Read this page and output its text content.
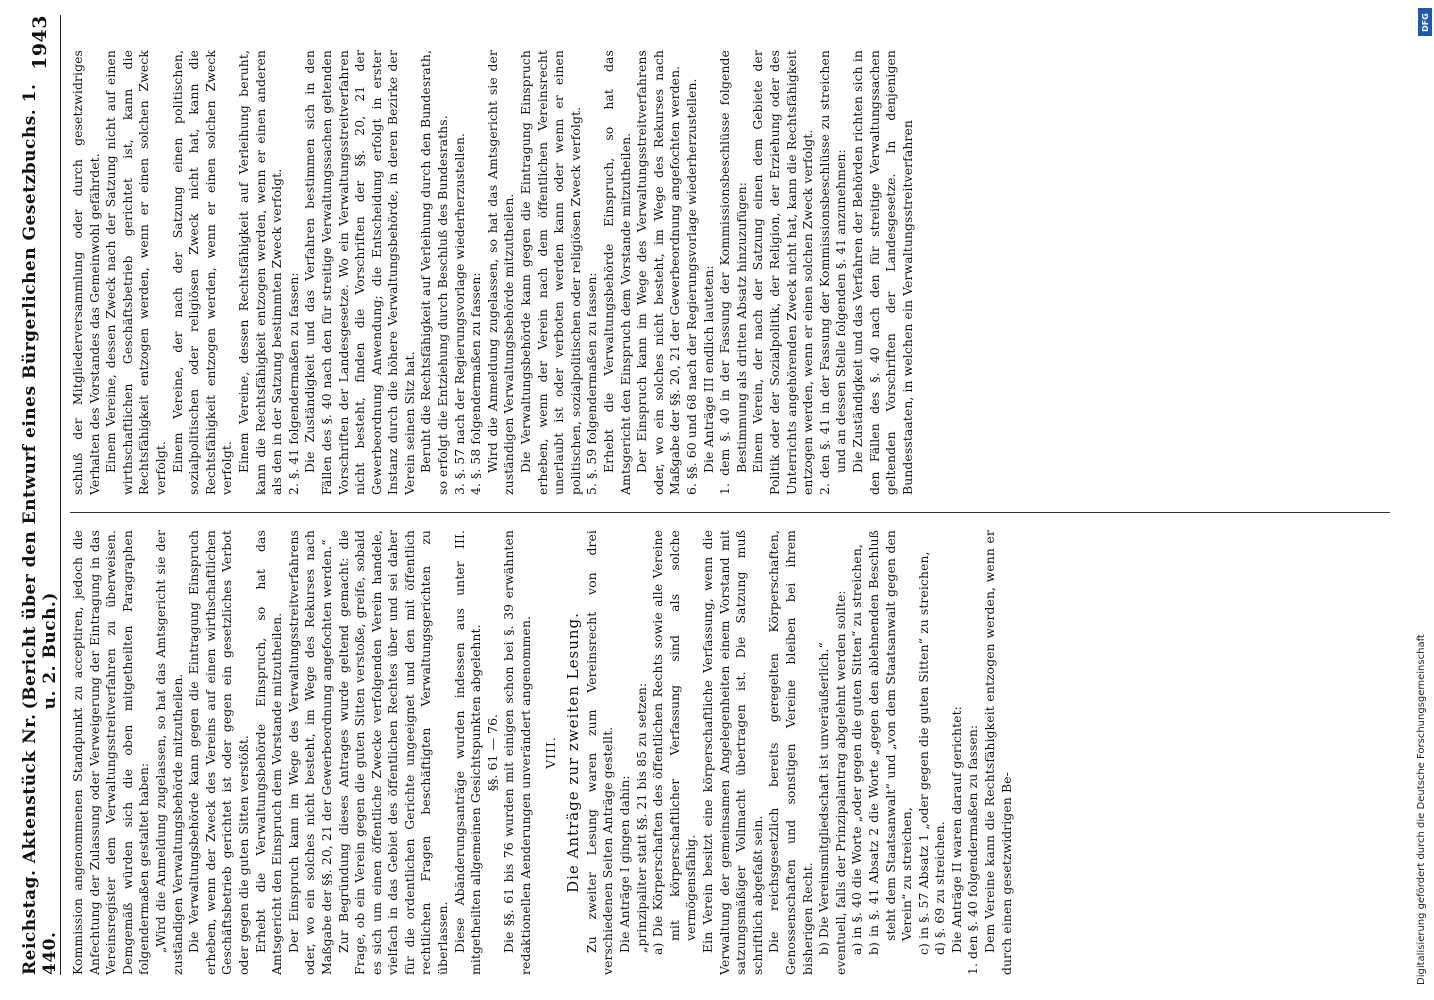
DFG
Digitalisierung gefördert durch die Deutsche Forschungsgemeinschaft
Reichstag. Aktenstück Nr. 440.
(Bericht über den Entwurf eines Bürgerlichen Gesetzbuchs. 1. u. 2. Buch.)
1943

Kommission angenommenen Standpunkt zu acceptiren, jedoch die Anfechtung der Zulassung oder Verweigerung der Eintragung in das Vereinsregister dem Verwaltungsstreitverfahren zu überweisen. Demgemäß würden sich die oben mitgetheilten Paragraphen folgendermaßen gestaltet haben: „Wird die Anmeldung zugelassen, so hat das Amtsgericht sie der zuständigen Verwaltungsbehörde mitzutheilen. Die Verwaltungsbehörde kann gegen die Eintragung Einspruch erheben, wenn der Zweck des Vereins auf einen wirthschaftlichen Geschäftsbetrieb gerichtet ist oder gegen ein gesetzliches Verbot oder gegen die guten Sitten verstößt. Erhebt die Verwaltungsbehörde Einspruch, so hat das Amtsgericht den Einspruch dem Vorstande mitzutheilen. Der Einspruch kann im Wege des Verwaltungsstreitverfahrens oder, wo ein solches nicht besteht, im Wege des Rekurses nach Maßgabe der §§. 20, 21 der Gewerbeordnung angefochten werden.“ Zur Begründung dieses Antrages wurde geltend gemacht: die Frage, ob ein Verein gegen die guten Sitten verstoße, greife, sobald es sich um einen öffentliche Zwecke verfolgenden Verein handele, vielfach in das Gebiet des öffentlichen Rechtes über und sei daher für die ordentlichen Gerichte ungeeignet und den mit öffentlich rechtlichen Fragen beschäftigten Verwaltungsgerichten zu überlassen. Diese Abänderungsanträge wurden indessen aus unter III. mitgetheilten allgemeinen Gesichtspunkten abgelehnt. §§. 61 — 76. Die §§. 61 bis 76 wurden mit einigen schon bei §. 39 erwähnten redaktionellen Aenderungen unverändert angenommen. VIII. Die Anträge zur zweiten Lesung. Zu zweiter Lesung waren zum Vereinsrecht von drei verschiedenen Seiten Anträge gestellt. Die Anträge I gingen dahin: „prinzipaliter statt §§. 21 bis 85 zu setzen: a) Die Körperschaften des öffentlichen Rechts sowie alle Vereine mit körperschaftlicher Verfassung sind als solche vermögensfähig. Ein Verein besitzt eine körperschaftliche Verfassung, wenn die Verwaltung der gemeinsamen Angelegenheiten einem Vorstand mit satzungsmäßiger Vollmacht übertragen ist. Die Satzung muß schriftlich abgefaßt sein. Die reichsgesetzlich bereits geregelten Körperschaften, Genossenschaften und sonstigen Vereine bleiben bei ihrem bisherigen Recht. b) Die Vereinsmitgliedschaft ist unveräußerlich.“ eventuell, falls der Prinzipalantrag abgelehnt werden sollte: a) in §. 40 die Worte „oder gegen die guten Sitten“ zu streichen, b) in §. 41 Absatz 2 die Worte „gegen den ablehnenden Beschluß steht dem Staatsanwalt“ und „von dem Staatsanwalt gegen den Verein“ zu streichen, c) in §. 57 Absatz 1 „oder gegen die guten Sitten“ zu streichen, d) §. 69 zu streichen. Die Anträge II waren darauf gerichtet: 1. den §. 40 folgendermaßen zu fassen: Dem Vereine kann die Rechtsfähigkeit entzogen werden, wenn er durch einen gesetzwidrigen Be-

schluß der Mitgliederversammlung oder durch gesetzwidriges Verhalten des Vorstandes das Gemeinwohl gefährdet. Einem Vereine, dessen Zweck nach der Satzung nicht auf einen wirthschaftlichen Geschäftsbetrieb gerichtet ist, kann die Rechtsfähigkeit entzogen werden, wenn er einen solchen Zweck verfolgt. Einem Vereine, der nach der Satzung einen politischen, sozialpolitischen oder religiösen Zweck nicht hat, kann die Rechtsfähigkeit entzogen werden, wenn er einen solchen Zweck verfolgt. Einem Vereine, dessen Rechtsfähigkeit auf Verleihung beruht, kann die Rechtsfähigkeit entzogen werden, wenn er einen anderen als den in der Satzung bestimmten Zweck verfolgt. 2. §. 41 folgendermaßen zu fassen: Die Zuständigkeit und das Verfahren bestimmen sich in den Fällen des §. 40 nach den für streitige Verwaltungssachen geltenden Vorschriften der Landesgesetze. Wo ein Verwaltungsstreitverfahren nicht besteht, finden die Vorschriften der §§. 20, 21 der Gewerbeordnung Anwendung; die Entscheidung erfolgt in erster Instanz durch die höhere Verwaltungsbehörde, in deren Bezirke der Verein seinen Sitz hat. Beruht die Rechtsfähigkeit auf Verleihung durch den Bundesrath, so erfolgt die Entziehung durch Beschluß des Bundesraths. 3. §. 57 nach der Regierungsvorlage wiederherzustellen. 4. §. 58 folgendermaßen zu fassen: Wird die Anmeldung zugelassen, so hat das Amtsgericht sie der zuständigen Verwaltungsbehörde mitzutheilen. Die Verwaltungsbehörde kann gegen die Eintragung Einspruch erheben, wenn der Verein nach dem öffentlichen Vereinsrecht unerlaubt ist oder verboten werden kann oder wenn er einen politischen, sozialpolitischen oder religiösen Zweck verfolgt. 5. §. 59 folgendermaßen zu fassen: Erhebt die Verwaltungsbehörde Einspruch, so hat das Amtsgericht den Einspruch dem Vorstande mitzutheilen. Der Einspruch kann im Wege des Verwaltungsstreitverfahrens oder, wo ein solches nicht besteht, im Wege des Rekurses nach Maßgabe der §§. 20, 21 der Gewerbeordnung angefochten werden. 6. §§. 60 und 68 nach der Regierungsvorlage wiederherzustellen. Die Anträge III endlich lauteten: 1. dem §. 40 in der Fassung der Kommissionsbeschlüsse folgende Bestimmung als dritten Absatz hinzuzufügen: Einem Verein, der nach der Satzung einen dem Gebiete der Politik oder der Sozialpolitik, der Religion, der Erziehung oder des Unterrichts angehörenden Zweck nicht hat, kann die Rechtsfähigkeit entzogen werden, wenn er einen solchen Zweck verfolgt. 2. den §. 41 in der Fassung der Kommissionsbeschlüsse zu streichen und an dessen Stelle folgenden §. 41 anzunehmen: Die Zuständigkeit und das Verfahren der Behörden richten sich in den Fällen des §. 40 nach den für streitige Verwaltungssachen geltenden Vorschriften der Landesgesetze. In denjenigen Bundesstaaten, in welchen ein Verwaltungsstreitverfahren
